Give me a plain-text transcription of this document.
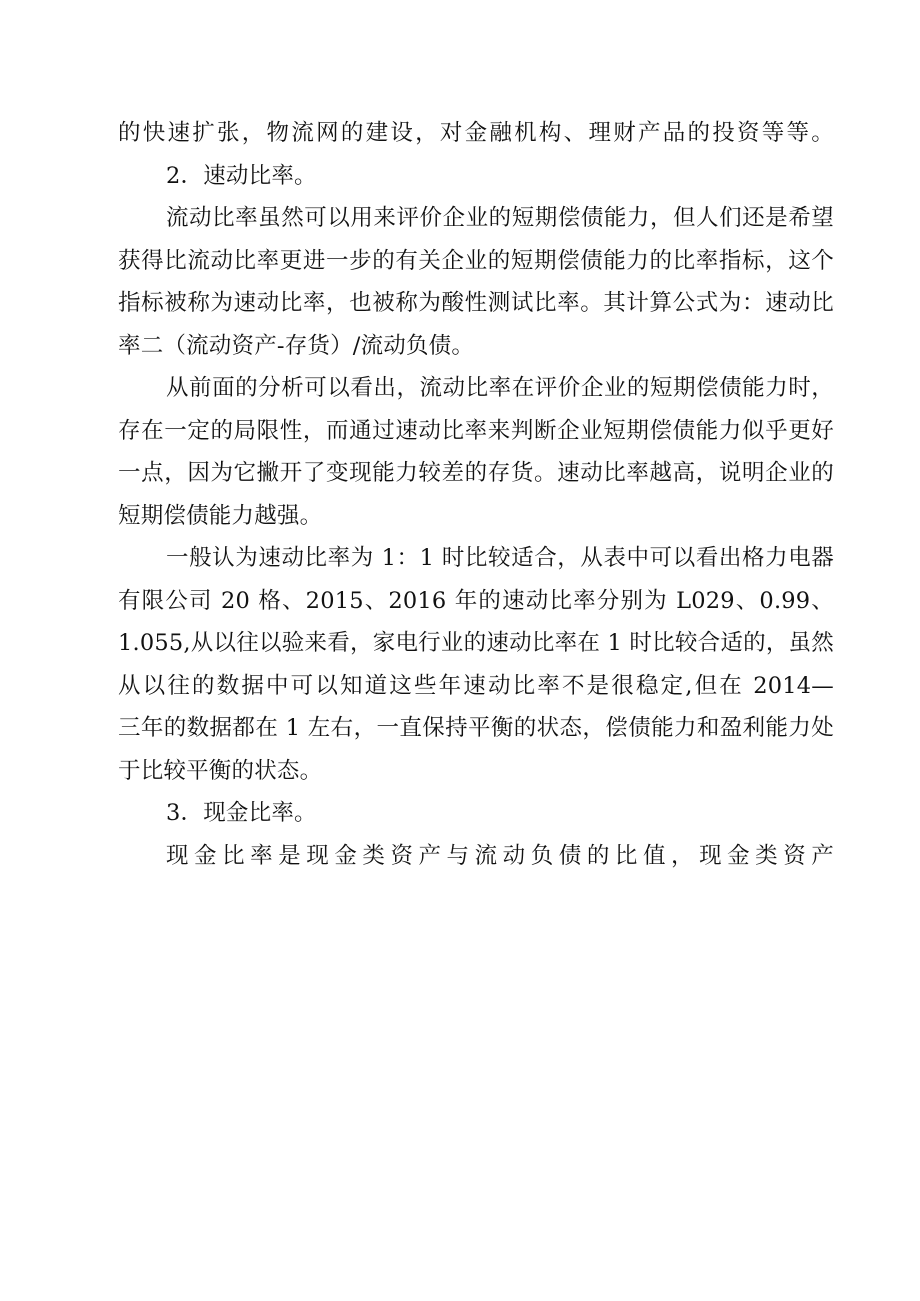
的快速扩张，物流网的建设，对金融机构、理财产品的投资等等。
2．速动比率。
流动比率虽然可以用来评价企业的短期偿债能力，但人们还是希望
获得比流动比率更进一步的有关企业的短期偿债能力的比率指标，这个
指标被称为速动比率，也被称为酸性测试比率。其计算公式为：速动比
率二（流动资产-存货）/流动负债。
从前面的分析可以看出，流动比率在评价企业的短期偿债能力时，
存在一定的局限性，而通过速动比率来判断企业短期偿债能力似乎更好
一点，因为它撇开了变现能力较差的存货。速动比率越高，说明企业的
短期偿债能力越强。
一般认为速动比率为 1：1 时比较适合，从表中可以看出格力电器
有限公司 20 格、2015、2016 年的速动比率分别为 L029、0.99、
1.055,从以往以验来看，家电行业的速动比率在 1 时比较合适的，虽然
从以往的数据中可以知道这些年速动比率不是很稳定,但在 2014—
三年的数据都在 1 左右，一直保持平衡的状态，偿债能力和盈利能力处
于比较平衡的状态。
3．现金比率。
现金比率是现金类资产与流动负债的比值，现金类资产
